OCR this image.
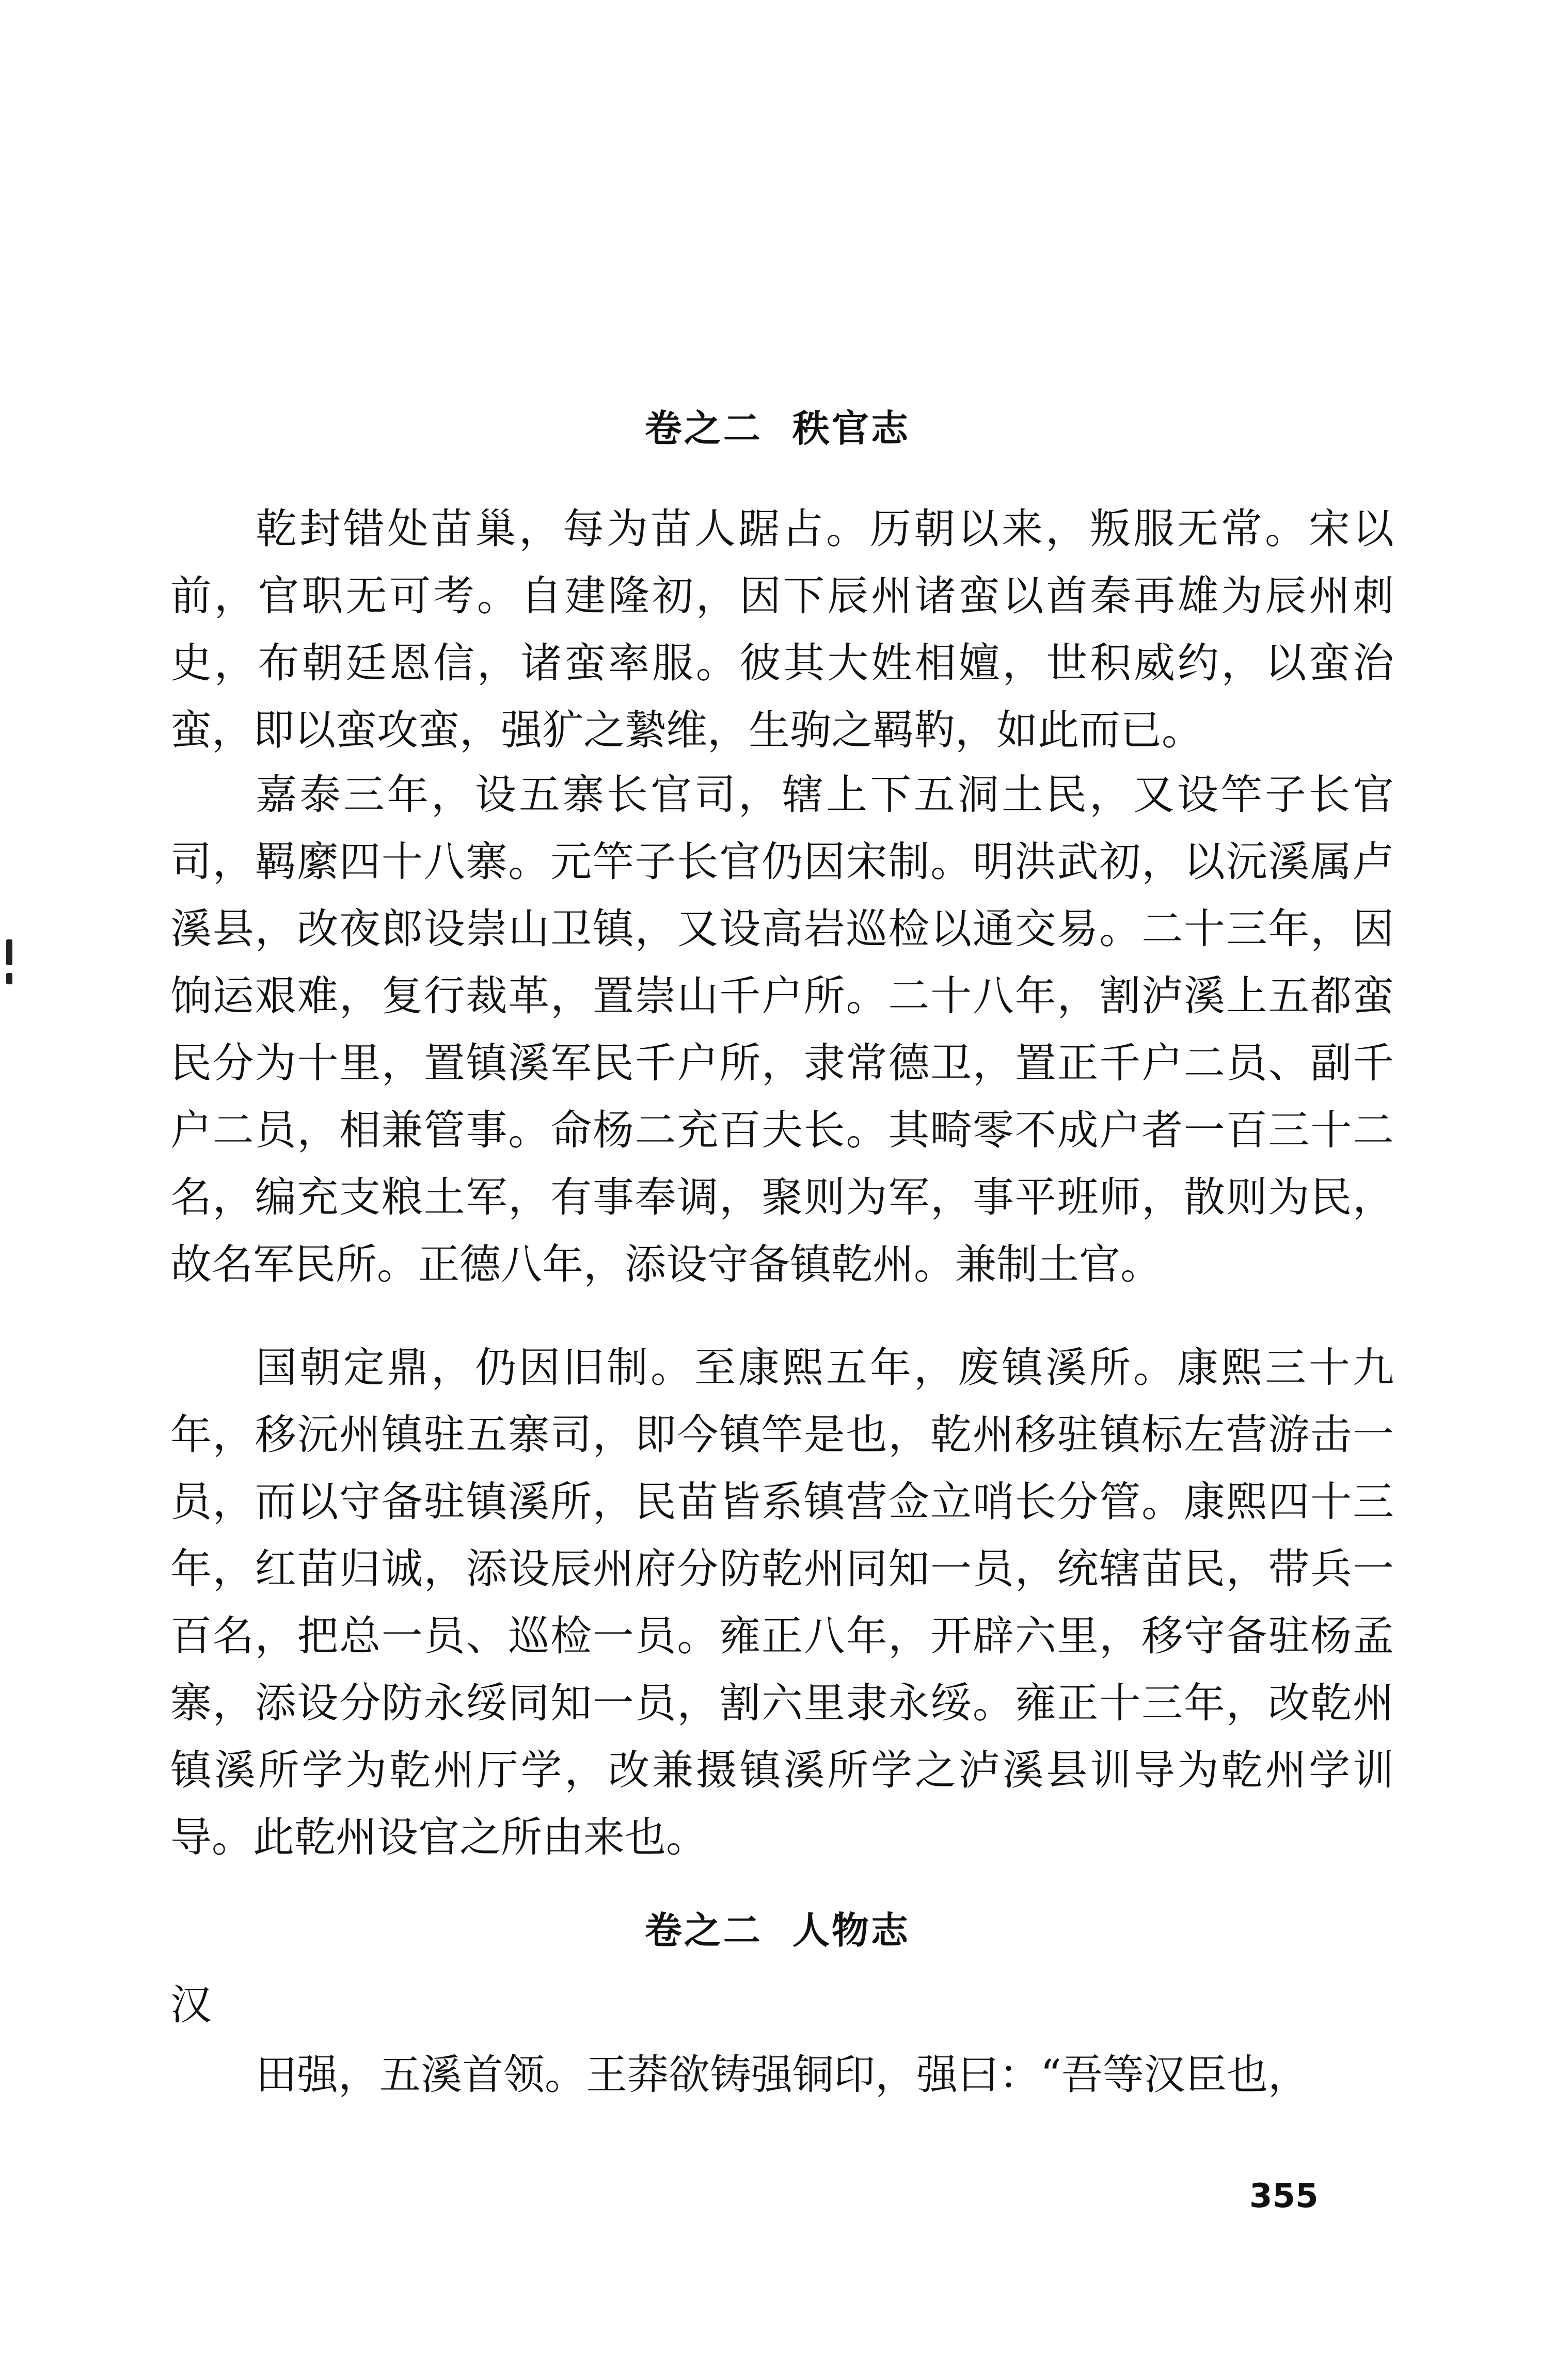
卷之二  秩官志

乾封错处苗巢，每为苗人踞占。历朝以来，叛服无常。宋以前，官职无可考。自建隆初，因下辰州诸蛮以酋秦再雄为辰州刺史，布朝廷恩信，诸蛮率服。彼其大姓相嬗，世积威约，以蛮治蛮，即以蛮攻蛮，强犷之縶维，生驹之羁靮，如此而已。

嘉泰三年，设五寨长官司，辖上下五洞土民，又设竿子长官司，羁縻四十八寨。元竿子长官仍因宋制。明洪武初，以沅溪属卢溪县，改夜郎设崇山卫镇，又设高岩巡检以通交易。二十三年，因饷运艰难，复行裁革，置崇山千户所。二十八年，割泸溪上五都蛮民分为十里，置镇溪军民千户所，隶常德卫，置正千户二员、副千户二员，相兼管事。命杨二充百夫长。其畸零不成户者一百三十二名，编充支粮土军，有事奉调，聚则为军，事平班师，散则为民，故名军民所。正德八年，添设守备镇乾州。兼制土官。

国朝定鼎，仍因旧制。至康熙五年，废镇溪所。康熙三十九年，移沅州镇驻五寨司，即今镇竿是也，乾州移驻镇标左营游击一员，而以守备驻镇溪所，民苗皆系镇营佥立哨长分管。康熙四十三年，红苗归诚，添设辰州府分防乾州同知一员，统辖苗民，带兵一百名，把总一员、巡检一员。雍正八年，开辟六里，移守备驻杨孟寨，添设分防永绥同知一员，割六里隶永绥。雍正十三年，改乾州镇溪所学为乾州厅学，改兼摄镇溪所学之泸溪县训导为乾州学训导。此乾州设官之所由来也。

卷之二  人物志
汉

田强，五溪首领。王莽欲铸强铜印，强曰：“吾等汉臣也，

355
